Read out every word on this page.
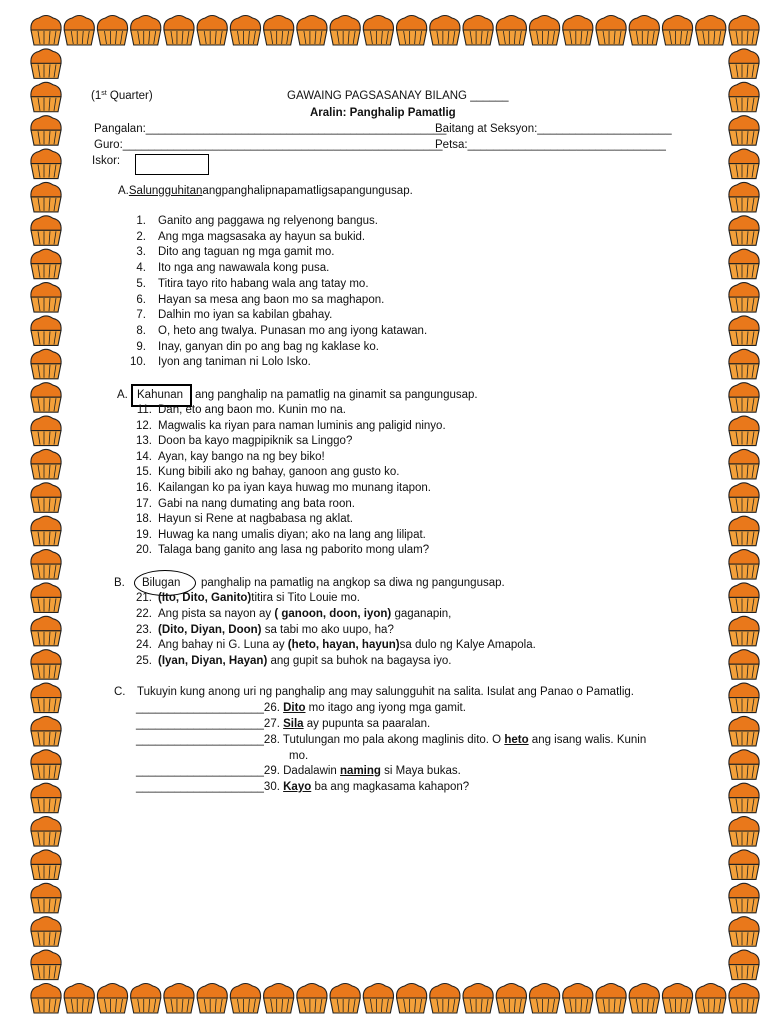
(1st Quarter)	GAWAING PAGSASANAY BILANG ______
Aralin: Panghalip Pamatlig
Pangalan:_______________________________________________
Baitang at Seksyon:_____________________
Guro:__________________________________________________
Petsa:_______________________________
Iskor:
A.Salungguhitanangpanghalipnapamatligsapangungusap.
1. Ganito ang paggawa ng relyenong bangus.
2. Ang mga magsasaka ay hayun sa bukid.
3. Dito ang taguan ng mga gamit mo.
4. Ito nga ang nawawala kong pusa.
5. Titira tayo rito habang wala ang tatay mo.
6. Hayan sa mesa ang baon mo sa maghapon.
7. Dalhin mo iyan sa kabilan gbahay.
8. O, heto ang twalya. Punasan mo ang iyong katawan.
9. Inay, ganyan din po ang bag ng kaklase ko.
10. Iyon ang taniman ni Lolo Isko.
A. Kahunan ang panghalip na pamatlig na ginamit sa pangungusap.
11. Dan, eto ang baon mo. Kunin mo na.
12. Magwalis ka riyan para naman luminis ang paligid ninyo.
13. Doon ba kayo magpipiknik sa Linggo?
14. Ayan, kay bango na ng bey biko!
15. Kung bibili ako ng bahay, ganoon ang gusto ko.
16. Kailangan ko pa iyan kaya huwag mo munang itapon.
17. Gabi na nang dumating ang bata roon.
18. Hayun si Rene at nagbabasa ng aklat.
19. Huwag ka nang umalis diyan; ako na lang ang lilipat.
20. Talaga bang ganito ang lasa ng paborito mong ulam?
B. Bilugan panghalip na pamatlig na angkop sa diwa ng pangungusap.
21. (Ito, Dito, Ganito)titira si Tito Louie mo.
22. Ang pista sa nayon ay ( ganoon, doon, iyon) gaganapin,
23. (Dito, Diyan, Doon) sa tabi mo ako uupo, ha?
24. Ang bahay ni G. Luna ay (heto, hayan, hayun)sa dulo ng Kalye Amapola.
25. (Iyan, Diyan, Hayan) ang gupit sa buhok na bagaysa iyo.
C. Tukuyin kung anong uri ng panghalip ang may salungguhit na salita. Isulat ang Panao o Pamatlig.
____________________26. Dito mo itago ang iyong mga gamit.
____________________27. Sila ay pupunta sa paaralan.
____________________28. Tutulungan mo pala akong maglinis dito. O heto ang isang walis. Kunin
mo.
____________________29. Dadalawin naming si Maya bukas.
____________________30. Kayo ba ang magkasama kahapon?
